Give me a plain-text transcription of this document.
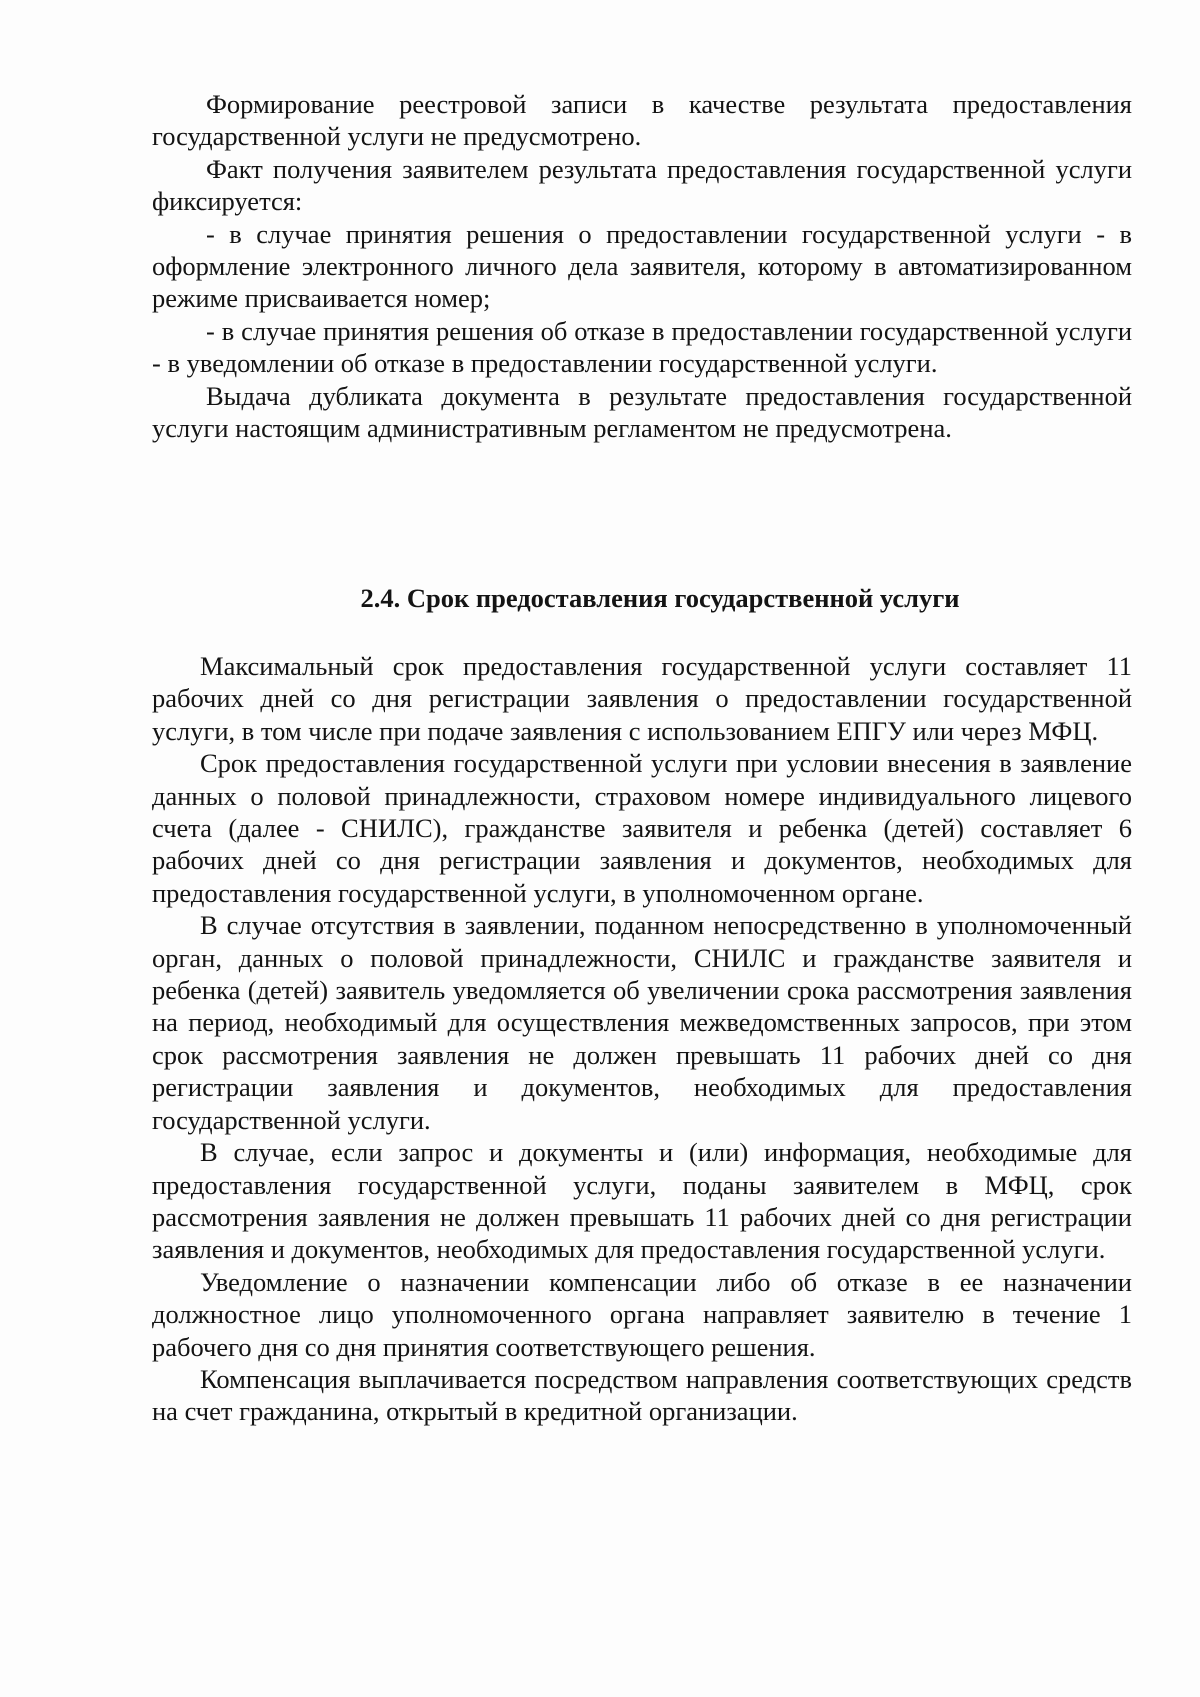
Формирование реестровой записи в качестве результата предоставления государственной услуги не предусмотрено.

Факт получения заявителем результата предоставления государственной услуги фиксируется:

- в случае принятия решения о предоставлении государственной услуги - в оформление электронного личного дела заявителя, которому в автоматизированном режиме присваивается номер;

- в случае принятия решения об отказе в предоставлении государственной услуги - в уведомлении об отказе в предоставлении государственной услуги.

Выдача дубликата документа в результате предоставления государственной услуги настоящим административным регламентом не предусмотрена.

2.4. Срок предоставления государственной услуги

Максимальный срок предоставления государственной услуги составляет 11 рабочих дней со дня регистрации заявления о предоставлении государственной услуги, в том числе при подаче заявления с использованием ЕПГУ или через МФЦ.

Срок предоставления государственной услуги при условии внесения в заявление данных о половой принадлежности, страховом номере индивидуального лицевого счета (далее - СНИЛС), гражданстве заявителя и ребенка (детей) составляет 6 рабочих дней со дня регистрации заявления и документов, необходимых для предоставления государственной услуги, в уполномоченном органе.

В случае отсутствия в заявлении, поданном непосредственно в уполномоченный орган, данных о половой принадлежности, СНИЛС и гражданстве заявителя и ребенка (детей) заявитель уведомляется об увеличении срока рассмотрения заявления на период, необходимый для осуществления межведомственных запросов, при этом срок рассмотрения заявления не должен превышать 11 рабочих дней со дня регистрации заявления и документов, необходимых для предоставления государственной услуги.

В случае, если запрос и документы и (или) информация, необходимые для предоставления государственной услуги, поданы заявителем в МФЦ, срок рассмотрения заявления не должен превышать 11 рабочих дней со дня регистрации заявления и документов, необходимых для предоставления государственной услуги.

Уведомление о назначении компенсации либо об отказе в ее назначении должностное лицо уполномоченного органа направляет заявителю в течение 1 рабочего дня со дня принятия соответствующего решения.

Компенсация выплачивается посредством направления соответствующих средств на счет гражданина, открытый в кредитной организации.
